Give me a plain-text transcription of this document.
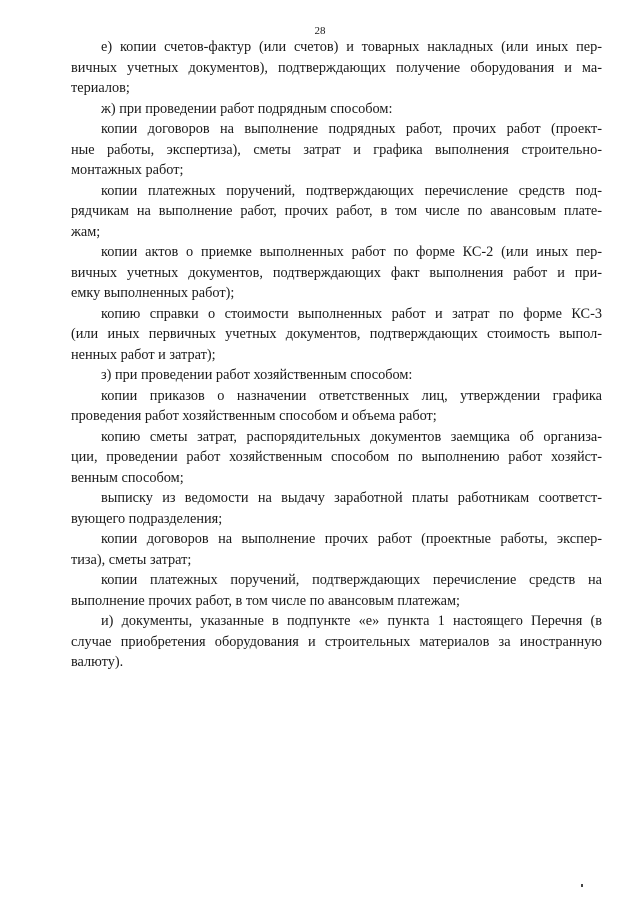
28
е) копии счетов-фактур (или счетов) и товарных накладных (или иных пер-
вичных учетных документов), подтверждающих получение оборудования и ма-
териалов;
ж) при проведении работ подрядным способом:
копии договоров на выполнение подрядных работ, прочих работ (проект-
ные работы, экспертиза), сметы затрат и графика выполнения строительно-
монтажных работ;
копии платежных поручений, подтверждающих перечисление средств под-
рядчикам на выполнение работ, прочих работ, в том числе по авансовым плате-
жам;
копии актов о приемке выполненных работ по форме КС-2 (или иных пер-
вичных учетных документов, подтверждающих факт выполнения работ и при-
емку выполненных работ);
копию справки о стоимости выполненных работ и затрат по форме КС-3
(или иных первичных учетных документов, подтверждающих стоимость выпол-
ненных работ и затрат);
з) при проведении работ хозяйственным способом:
копии приказов о назначении ответственных лиц, утверждении графика
проведения работ хозяйственным способом и объема работ;
копию сметы затрат, распорядительных документов заемщика об организа-
ции, проведении работ хозяйственным способом по выполнению работ хозяйст-
венным способом;
выписку из ведомости на выдачу заработной платы работникам соответст-
вующего подразделения;
копии договоров на выполнение прочих работ (проектные работы, экспер-
тиза), сметы затрат;
копии платежных поручений, подтверждающих перечисление средств на
выполнение прочих работ, в том числе по авансовым платежам;
и) документы, указанные в подпункте «е» пункта 1 настоящего Перечня (в
случае приобретения оборудования и строительных материалов за иностранную
валюту).
